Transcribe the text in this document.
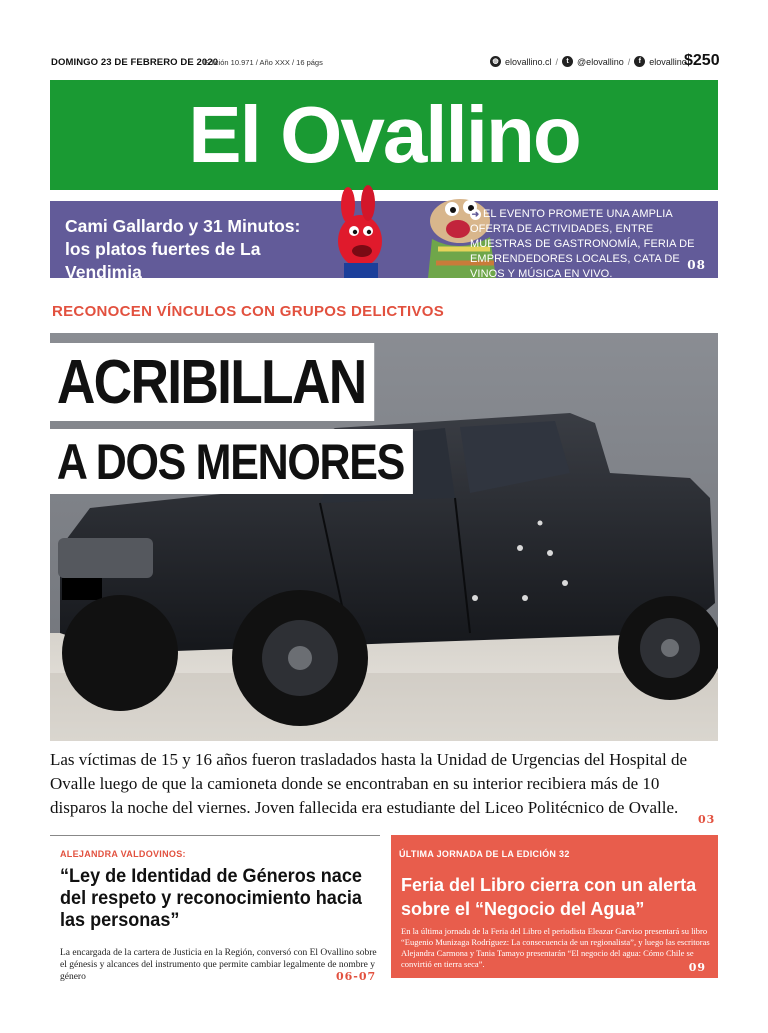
DOMINGO 23 DE FEBRERO DE 2020
Edición 10.971 / Año XXX / 16 págs	◍ elovallino.cl /	t @elovallino /	f elovallino
$250
El Ovallino
Cami Gallardo y 31 Minutos: los platos fuertes de La Vendimia
➜ EL EVENTO PROMETE UNA AMPLIA OFERTA DE ACTIVIDADES, ENTRE MUESTRAS DE GASTRONOMÍA, FERIA DE EMPRENDEDORES LOCALES, CATA DE VINOS Y MÚSICA EN VIVO.
08
RECONOCEN VÍNCULOS CON GRUPOS DELICTIVOS
ACRIBILLAN
A DOS MENORES
Las víctimas de 15 y 16 años fueron trasladados hasta la Unidad de Urgencias del Hospital de Ovalle luego de que la camioneta donde se encontraban en su interior recibiera más de 10 disparos la noche del viernes. Joven fallecida era estudiante del Liceo Politécnico de Ovalle.
03
ALEJANDRA VALDOVINOS:
“Ley de Identidad de Géneros nace del respeto y reconocimiento hacia las personas”
La encargada de la cartera de Justicia en la Región, conversó con El Ovallino sobre el génesis y alcances del instrumento que permite cambiar legalmente de nombre y género	06-07
ÚLTIMA JORNADA DE LA EDICIÓN 32
Feria del Libro cierra con un alerta sobre el “Negocio del Agua”
En la última jornada de la Feria del Libro el periodista Eleazar Garviso presentará su libro “Eugenio Munizaga Rodríguez: La consecuencia de un regionalista”, y luego las escritoras Alejandra Carmona y Tania Tamayo presentarán “El negocio del agua: Cómo Chile se convirtió en tierra seca”.	09
